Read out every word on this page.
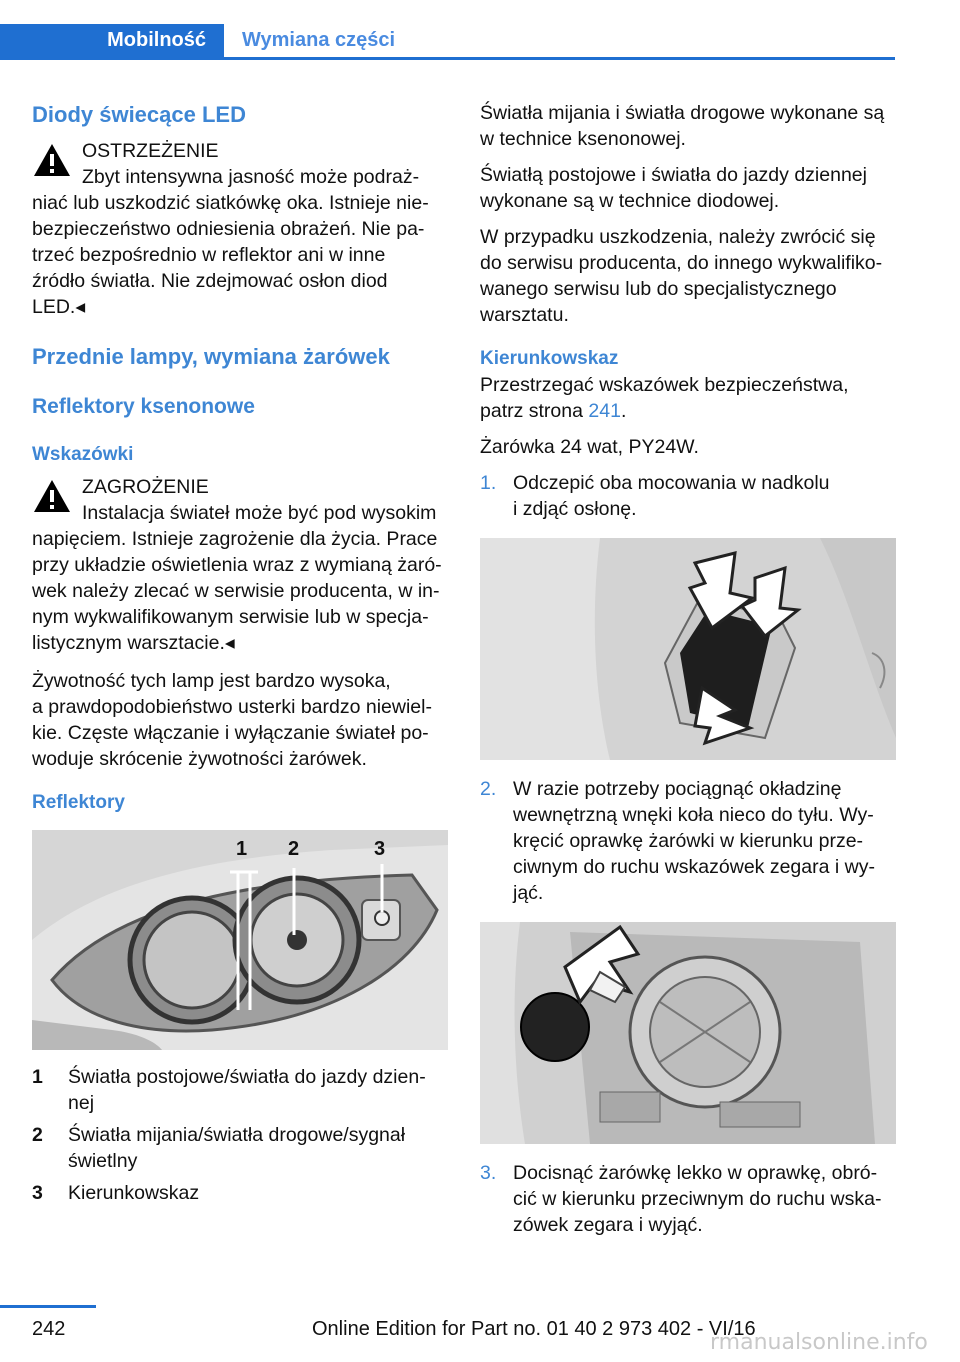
Mobilność Wymiana części
Diody świecące LED
OSTRZEŻENIE
Zbyt intensywna jasność może podraż-
niać lub uszkodzić siatkówkę oka. Istnieje nie-
bezpieczeństwo odniesienia obrażeń. Nie pa-
trzeć bezpośrednio w reflektor ani w inne
źródło światła. Nie zdejmować osłon diod
LED.◂
Przednie lampy, wymiana żarówek
Reflektory ksenonowe
Wskazówki
ZAGROŻENIE
Instalacja świateł może być pod wysokim
napięciem. Istnieje zagrożenie dla życia. Prace
przy układzie oświetlenia wraz z wymianą żaró-
wek należy zlecać w serwisie producenta, w in-
nym wykwalifikowanym serwisie lub w specja-
listycznym warsztacie.◂
Żywotność tych lamp jest bardzo wysoka,
a prawdopodobieństwo usterki bardzo niewiel-
kie. Częste włączanie i wyłączanie świateł po-
woduje skrócenie żywotności żarówek.
Reflektory
1 2	3
1	Światła postojowe/światła do jazdy dzien-
nej
2	Światła mijania/światła drogowe/sygnał
świetlny
3	Kierunkowskaz
Światła mijania i światła drogowe wykonane są
w technice ksenonowej.
Światłą postojowe i światła do jazdy dziennej
wykonane są w technice diodowej.
W przypadku uszkodzenia, należy zwrócić się
do serwisu producenta, do innego wykwalifiko-
wanego serwisu lub do specjalistycznego
warsztatu.
Kierunkowskaz
Przestrzegać wskazówek bezpieczeństwa,
patrz strona 241.
Żarówka 24 wat, PY24W.
1. Odczepić oba mocowania w nadkolu
i zdjąć osłonę.
2. W razie potrzeby pociągnąć okładzinę
wewnętrzną wnęki koła nieco do tyłu. Wy-
kręcić oprawkę żarówki w kierunku prze-
ciwnym do ruchu wskazówek zegara i wy-
jąć.
3. Docisnąć żarówkę lekko w oprawkę, obró-
cić w kierunku przeciwnym do ruchu wska-
zówek zegara i wyjąć.
242	Online Edition for Part no. 01 40 2 973 402 - VI/16
rmanualsonline.info
